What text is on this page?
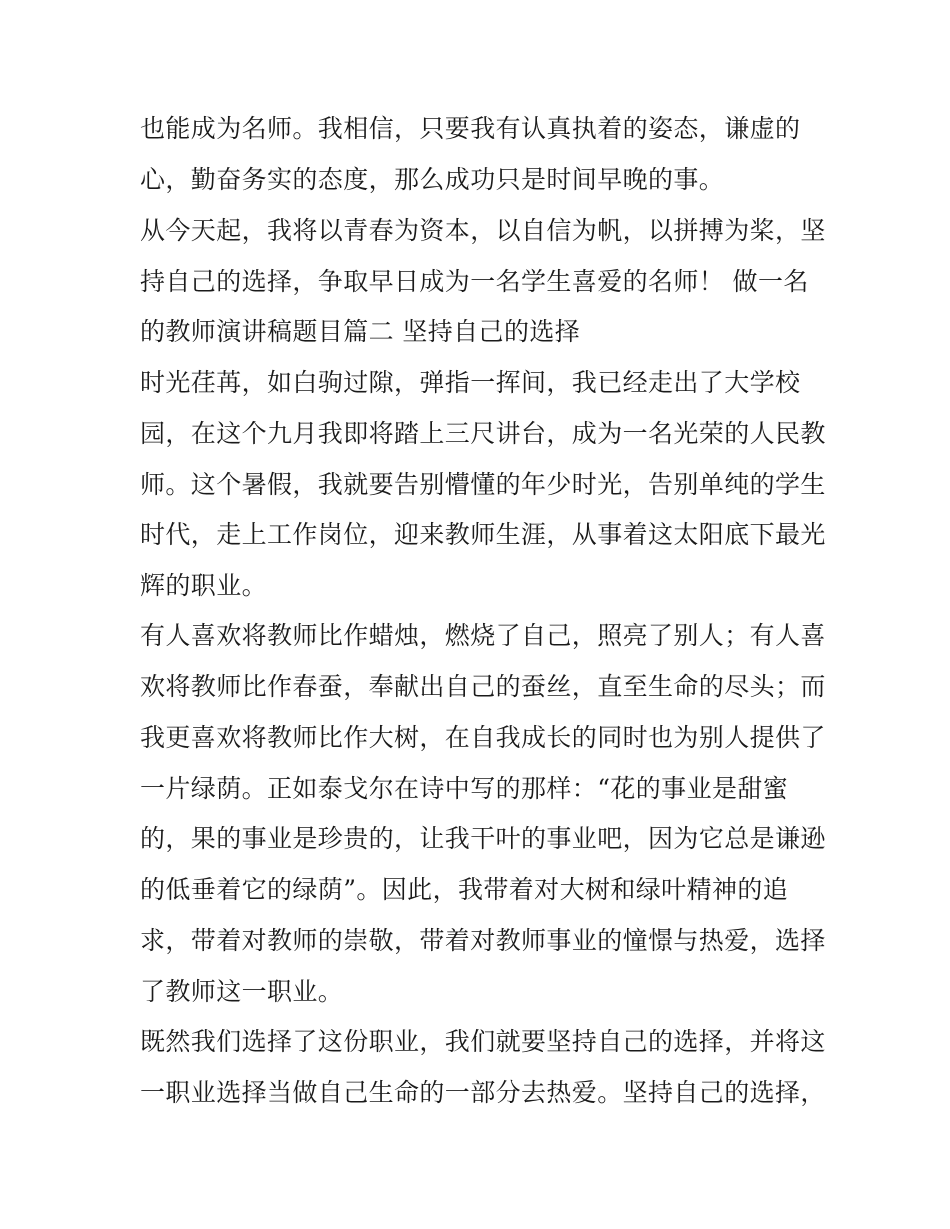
也能成为名师。我相信，只要我有认真执着的姿态，谦虚的
心，勤奋务实的态度，那么成功只是时间早晚的事。
从今天起，我将以青春为资本，以自信为帆，以拼搏为桨，坚
持自己的选择，争取早日成为一名学生喜爱的名师！ 做一名
的教师演讲稿题目篇二 坚持自己的选择
时光荏苒，如白驹过隙，弹指一挥间，我已经走出了大学校
园，在这个九月我即将踏上三尺讲台，成为一名光荣的人民教
师。这个暑假，我就要告别懵懂的年少时光，告别单纯的学生
时代，走上工作岗位，迎来教师生涯，从事着这太阳底下最光
辉的职业。
有人喜欢将教师比作蜡烛，燃烧了自己，照亮了别人；有人喜
欢将教师比作春蚕，奉献出自己的蚕丝，直至生命的尽头；而
我更喜欢将教师比作大树，在自我成长的同时也为别人提供了
一片绿荫。正如泰戈尔在诗中写的那样：“花的事业是甜蜜
的，果的事业是珍贵的，让我干叶的事业吧，因为它总是谦逊
的低垂着它的绿荫”。因此，我带着对大树和绿叶精神的追
求，带着对教师的崇敬，带着对教师事业的憧憬与热爱，选择
了教师这一职业。
既然我们选择了这份职业，我们就要坚持自己的选择，并将这
一职业选择当做自己生命的一部分去热爱。坚持自己的选择，
